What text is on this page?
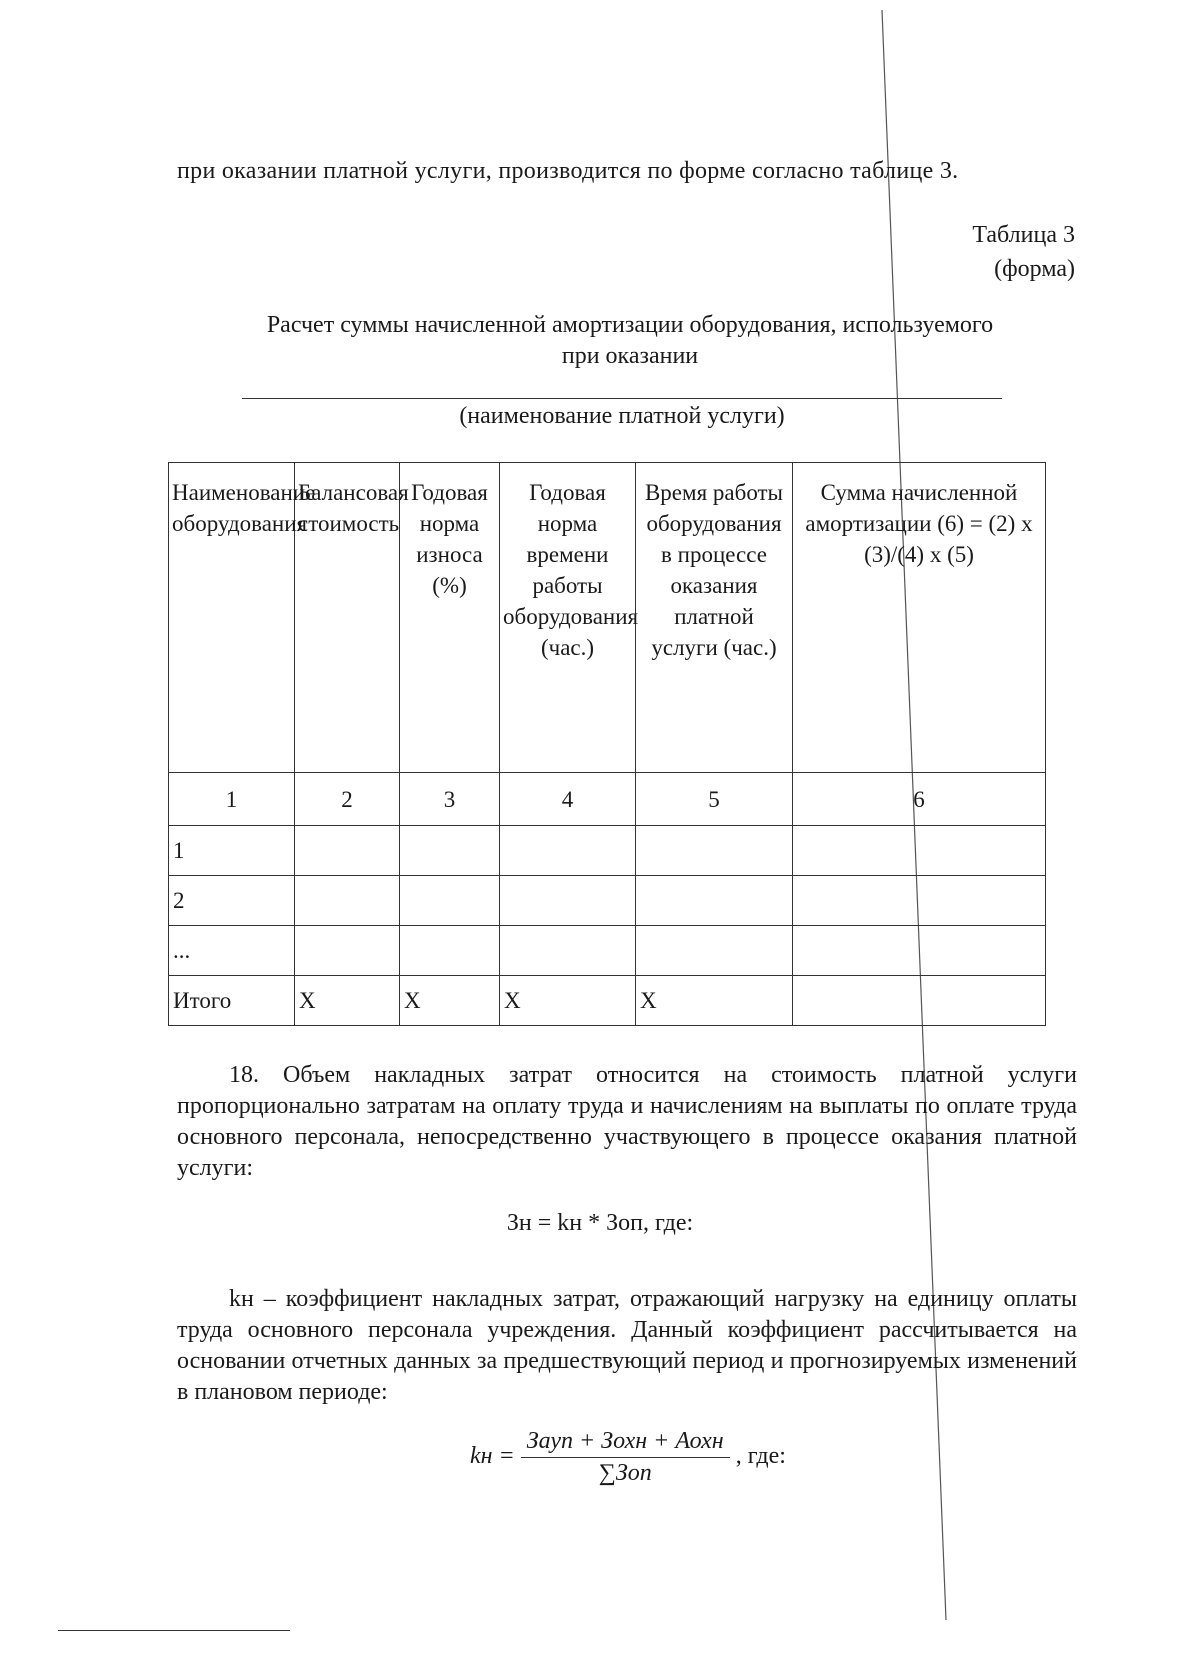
при оказании платной услуги, производится по форме согласно таблице 3.
Таблица 3
(форма)
Расчет суммы начисленной амортизации оборудования, используемого
при оказании
(наименование платной услуги)
Наименование оборудования	Балансовая стоимость	Годовая норма износа (%)	Годовая норма времени работы оборудования (час.)	Время работы оборудования в процессе оказания платной услуги (час.)	Сумма начисленной амортизации (6) = (2) x (3)/(4) x (5)
1	2	3	4	5	6
1					
2					
...					
Итого	X	X	X	X	
18. Объем накладных затрат относится на стоимость платной услуги пропорционально затратам на оплату труда и начислениям на выплаты по оплате труда основного персонала, непосредственно участвующего в процессе оказания платной услуги:
Зн = kн * Зоп, где:
kн – коэффициент накладных затрат, отражающий нагрузку на единицу оплаты труда основного персонала учреждения. Данный коэффициент рассчитывается на основании отчетных данных за предшествующий период и прогнозируемых изменений в плановом периоде:
kн = $\frac{\text{Зауп + Зохн + Аохн}}{\text{∑Зоп}}$ , где:
